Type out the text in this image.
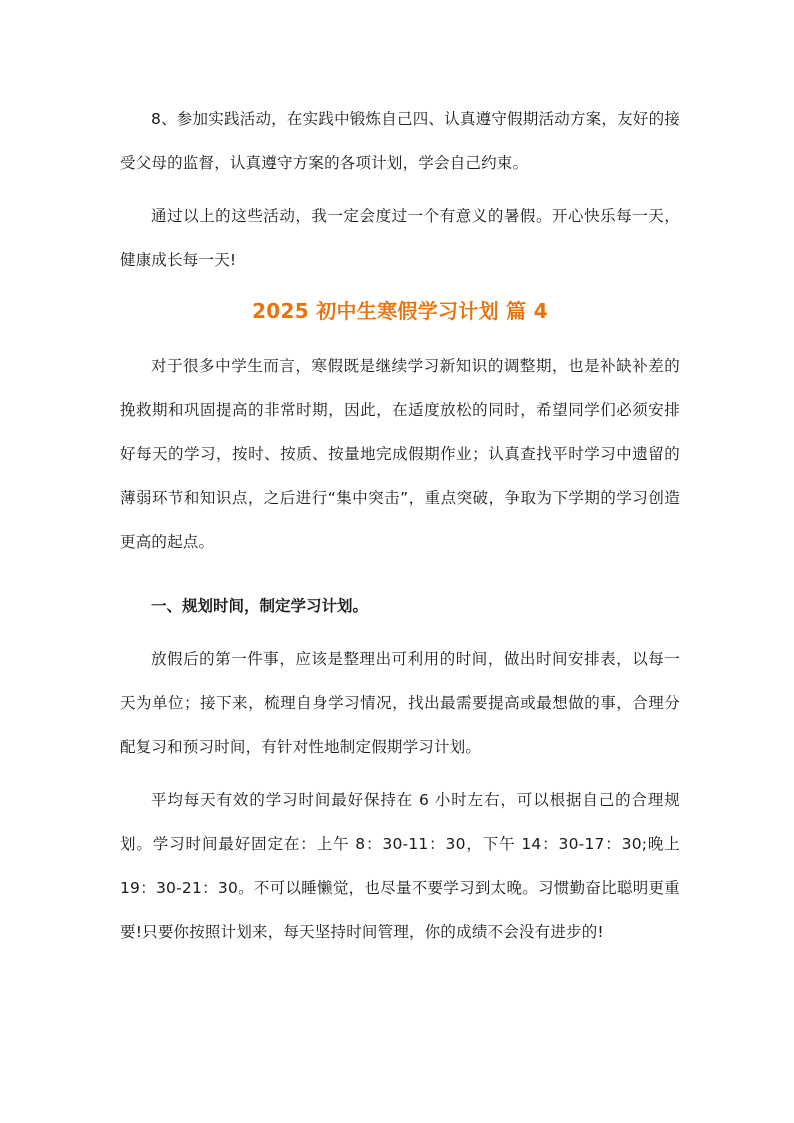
8、参加实践活动，在实践中锻炼自己四、认真遵守假期活动方案，友好的接受父母的监督，认真遵守方案的各项计划，学会自己约束。

通过以上的这些活动，我一定会度过一个有意义的暑假。开心快乐每一天，健康成长每一天!

2025 初中生寒假学习计划 篇 4

对于很多中学生而言，寒假既是继续学习新知识的调整期，也是补缺补差的挽救期和巩固提高的非常时期，因此，在适度放松的同时，希望同学们必须安排好每天的学习，按时、按质、按量地完成假期作业；认真查找平时学习中遗留的薄弱环节和知识点，之后进行“集中突击”，重点突破，争取为下学期的学习创造更高的起点。

一、规划时间，制定学习计划。

放假后的第一件事，应该是整理出可利用的时间，做出时间安排表，以每一天为单位；接下来，梳理自身学习情况，找出最需要提高或最想做的事，合理分配复习和预习时间，有针对性地制定假期学习计划。

平均每天有效的学习时间最好保持在 6 小时左右，可以根据自己的合理规划。学习时间最好固定在：上午 8：30-11：30，下午 14：30-17：30;晚上 19：30-21：30。不可以睡懒觉，也尽量不要学习到太晚。习惯勤奋比聪明更重要!只要你按照计划来，每天坚持时间管理，你的成绩不会没有进步的!
